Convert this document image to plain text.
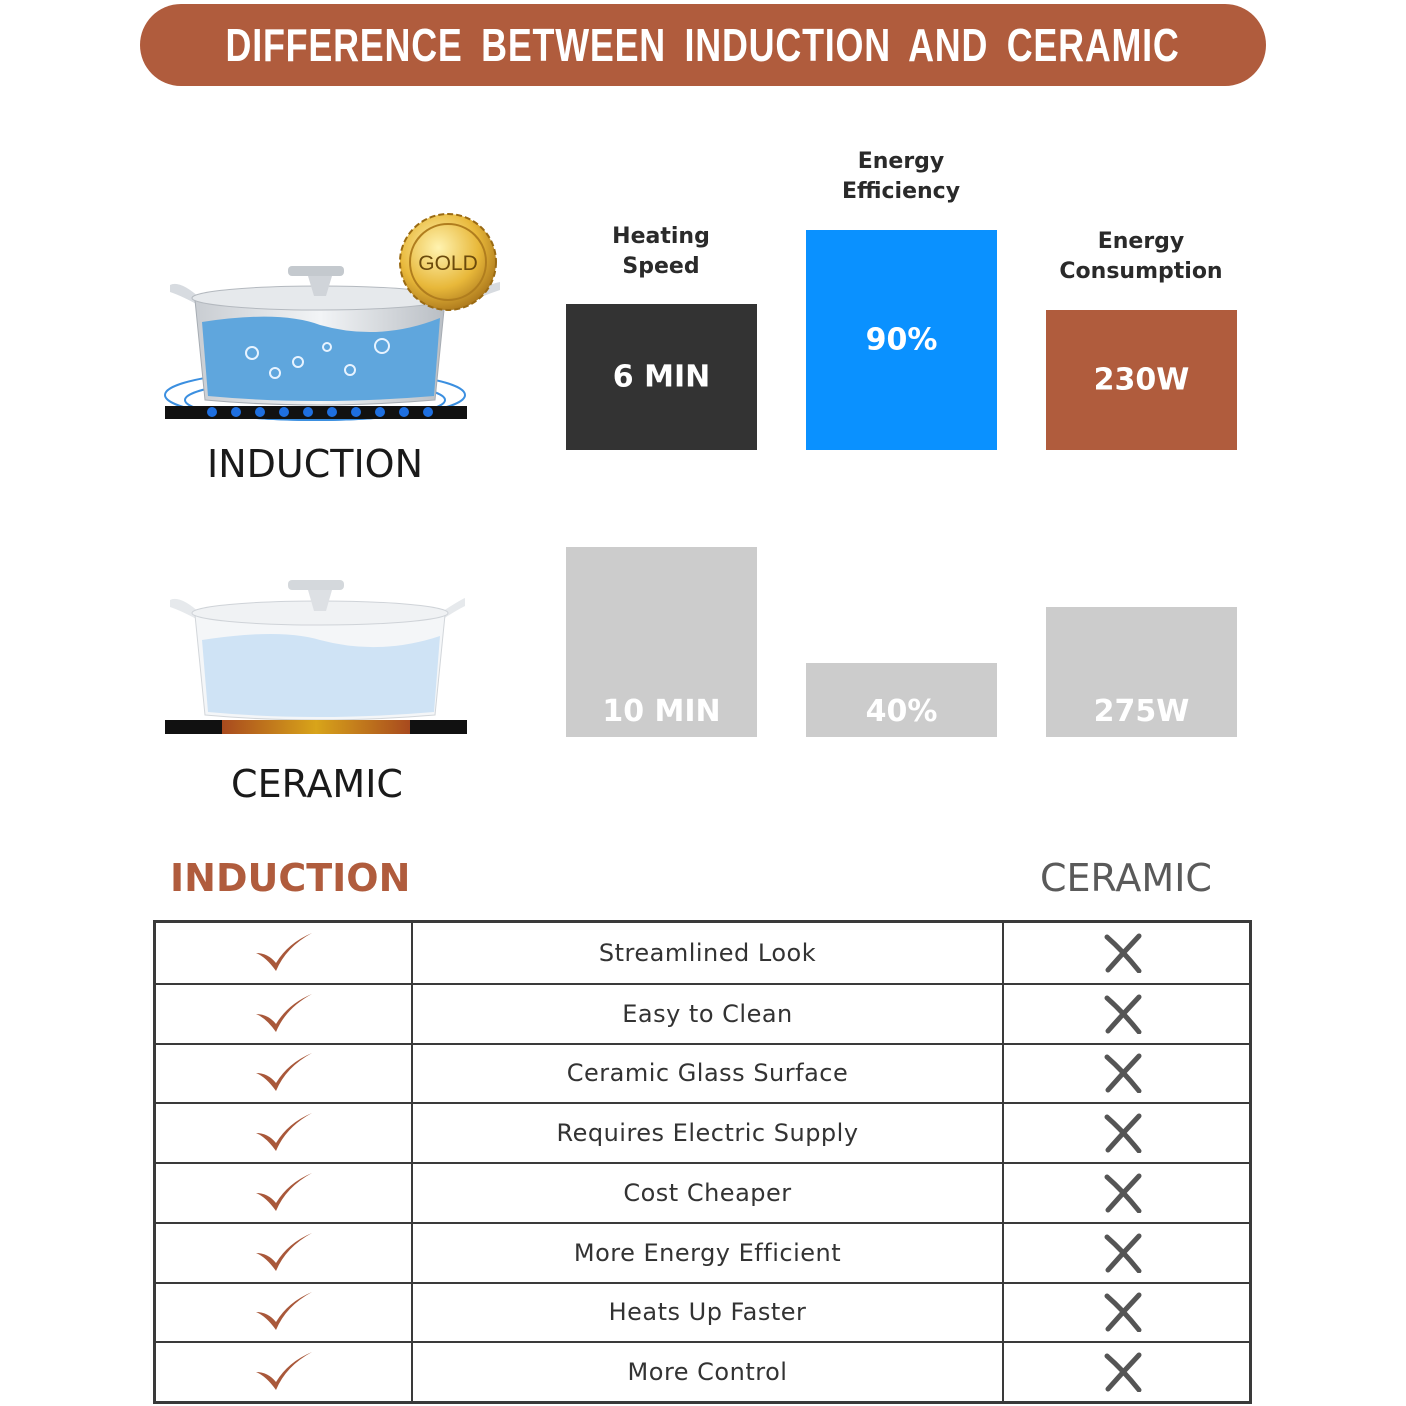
DIFFERENCE BETWEEN INDUCTION AND CERAMIC
GOLD
INDUCTION
CERAMIC
Heating
Speed
6 MIN
10 MIN
Energy
Efficiency
90%
40%
Energy
Consumption
230W
275W
INDUCTION	CERAMIC
Streamlined Look
Easy to Clean
Ceramic Glass Surface
Requires Electric Supply
Cost Cheaper
More Energy Efficient
Heats Up Faster
More Control
